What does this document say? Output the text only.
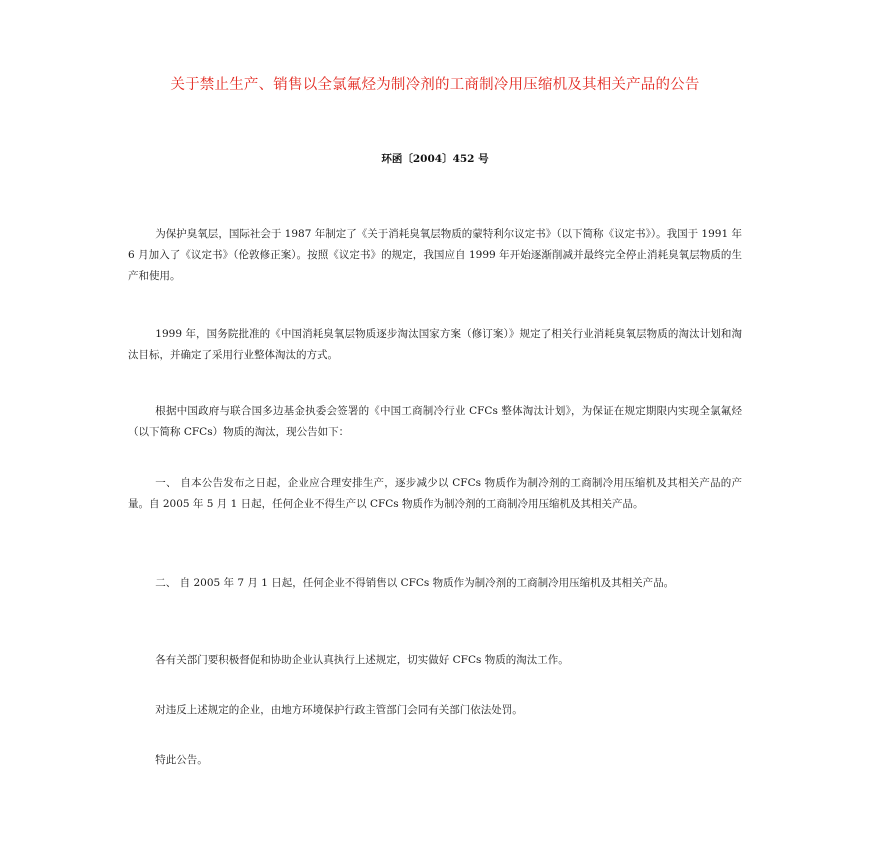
关于禁止生产、销售以全氯氟烃为制冷剂的工商制冷用压缩机及其相关产品的公告
环函〔2004〕452 号

为保护臭氧层，国际社会于 1987 年制定了《关于消耗臭氧层物质的蒙特利尔议定书》（以下简称《议定书》）。我国于 1991 年 6 月加入了《议定书》（伦敦修正案）。按照《议定书》的规定，我国应自 1999 年开始逐渐削减并最终完全停止消耗臭氧层物质的生产和使用。

1999 年，国务院批准的《中国消耗臭氧层物质逐步淘汰国家方案（修订案）》规定了相关行业消耗臭氧层物质的淘汰计划和淘汰目标，并确定了采用行业整体淘汰的方式。

根据中国政府与联合国多边基金执委会签署的《中国工商制冷行业 CFCs 整体淘汰计划》，为保证在规定期限内实现全氯氟烃（以下简称 CFCs）物质的淘汰，现公告如下：

一、 自本公告发布之日起，企业应合理安排生产，逐步减少以 CFCs 物质作为制冷剂的工商制冷用压缩机及其相关产品的产量。自 2005 年 5 月 1 日起，任何企业不得生产以 CFCs 物质作为制冷剂的工商制冷用压缩机及其相关产品。

二、 自 2005 年 7 月 1 日起，任何企业不得销售以 CFCs 物质作为制冷剂的工商制冷用压缩机及其相关产品。

各有关部门要积极督促和协助企业认真执行上述规定，切实做好 CFCs 物质的淘汰工作。

对违反上述规定的企业，由地方环境保护行政主管部门会同有关部门依法处罚。

特此公告。
